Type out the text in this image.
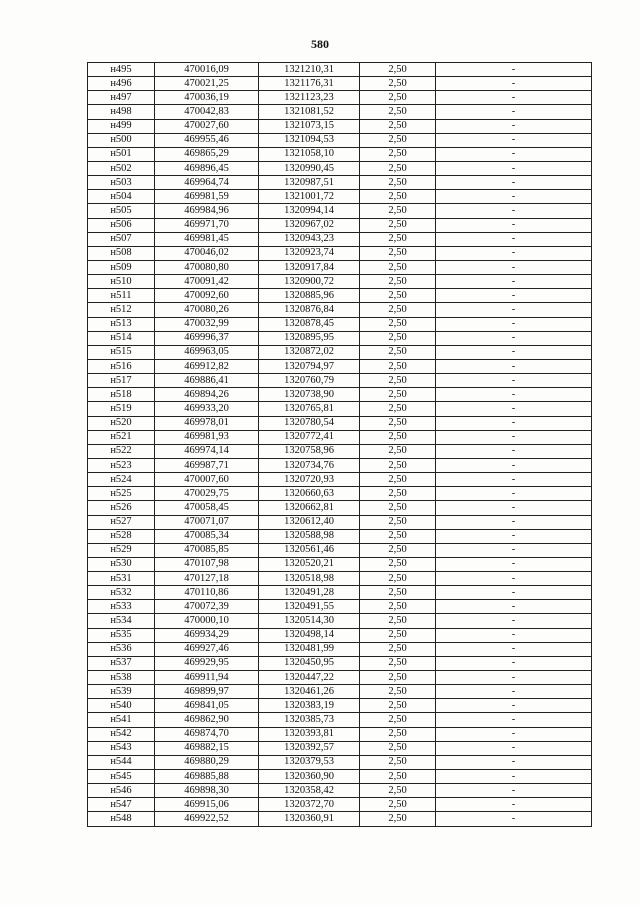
580
н495	470016,09	1321210,31	2,50	-
н496	470021,25	1321176,31	2,50	-
н497	470036,19	1321123,23	2,50	-
н498	470042,83	1321081,52	2,50	-
н499	470027,60	1321073,15	2,50	-
н500	469955,46	1321094,53	2,50	-
н501	469865,29	1321058,10	2,50	-
н502	469896,45	1320990,45	2,50	-
н503	469964,74	1320987,51	2,50	-
н504	469981,59	1321001,72	2,50	-
н505	469984,96	1320994,14	2,50	-
н506	469971,70	1320967,02	2,50	-
н507	469981,45	1320943,23	2,50	-
н508	470046,02	1320923,74	2,50	-
н509	470080,80	1320917,84	2,50	-
н510	470091,42	1320900,72	2,50	-
н511	470092,60	1320885,96	2,50	-
н512	470080,26	1320876,84	2,50	-
н513	470032,99	1320878,45	2,50	-
н514	469996,37	1320895,95	2,50	-
н515	469963,05	1320872,02	2,50	-
н516	469912,82	1320794,97	2,50	-
н517	469886,41	1320760,79	2,50	-
н518	469894,26	1320738,90	2,50	-
н519	469933,20	1320765,81	2,50	-
н520	469978,01	1320780,54	2,50	-
н521	469981,93	1320772,41	2,50	-
н522	469974,14	1320758,96	2,50	-
н523	469987,71	1320734,76	2,50	-
н524	470007,60	1320720,93	2,50	-
н525	470029,75	1320660,63	2,50	-
н526	470058,45	1320662,81	2,50	-
н527	470071,07	1320612,40	2,50	-
н528	470085,34	1320588,98	2,50	-
н529	470085,85	1320561,46	2,50	-
н530	470107,98	1320520,21	2,50	-
н531	470127,18	1320518,98	2,50	-
н532	470110,86	1320491,28	2,50	-
н533	470072,39	1320491,55	2,50	-
н534	470000,10	1320514,30	2,50	-
н535	469934,29	1320498,14	2,50	-
н536	469927,46	1320481,99	2,50	-
н537	469929,95	1320450,95	2,50	-
н538	469911,94	1320447,22	2,50	-
н539	469899,97	1320461,26	2,50	-
н540	469841,05	1320383,19	2,50	-
н541	469862,90	1320385,73	2,50	-
н542	469874,70	1320393,81	2,50	-
н543	469882,15	1320392,57	2,50	-
н544	469880,29	1320379,53	2,50	-
н545	469885,88	1320360,90	2,50	-
н546	469898,30	1320358,42	2,50	-
н547	469915,06	1320372,70	2,50	-
н548	469922,52	1320360,91	2,50	-
